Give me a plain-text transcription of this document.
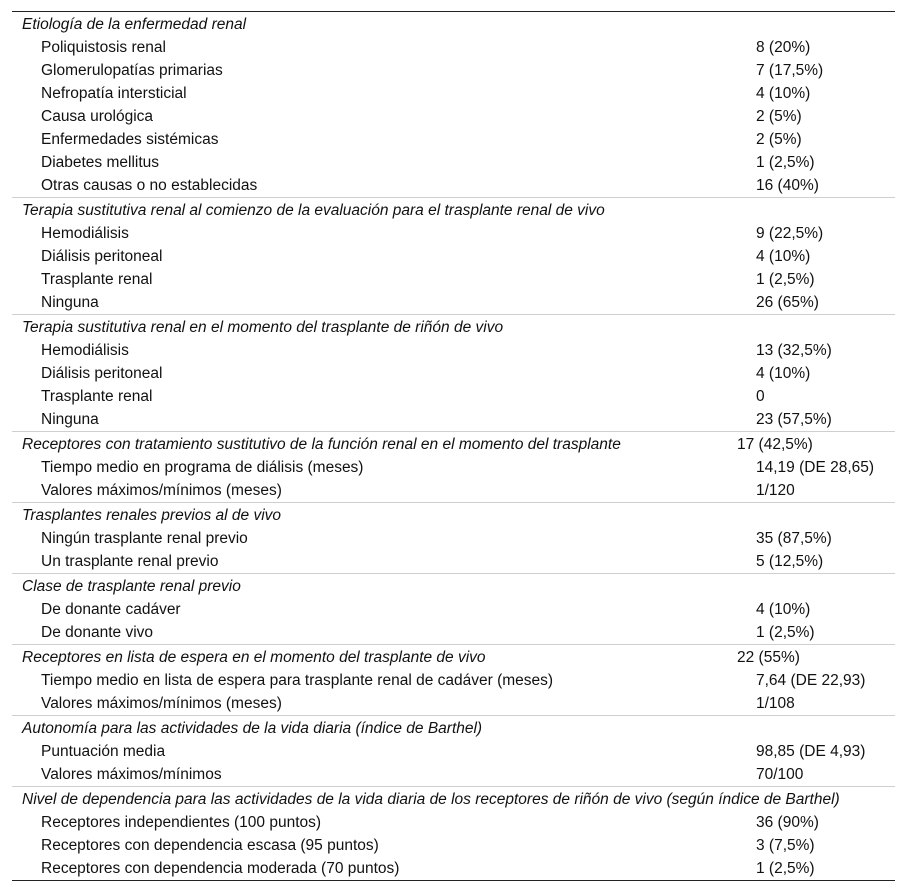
Etiología de la enfermedad renal
Poliquistosis renal	8 (20%)
Glomerulopatías primarias	7 (17,5%)
Nefropatía intersticial	4 (10%)
Causa urológica	2 (5%)
Enfermedades sistémicas	2 (5%)
Diabetes mellitus	1 (2,5%)
Otras causas o no establecidas	16 (40%)
Terapia sustitutiva renal al comienzo de la evaluación para el trasplante renal de vivo
Hemodiálisis	9 (22,5%)
Diálisis peritoneal	4 (10%)
Trasplante renal	1 (2,5%)
Ninguna	26 (65%)
Terapia sustitutiva renal en el momento del trasplante de riñón de vivo
Hemodiálisis	13 (32,5%)
Diálisis peritoneal	4 (10%)
Trasplante renal	0
Ninguna	23 (57,5%)
Receptores con tratamiento sustitutivo de la función renal en el momento del trasplante	17 (42,5%)
Tiempo medio en programa de diálisis (meses)	14,19 (DE 28,65)
Valores máximos/mínimos (meses)	1/120
Trasplantes renales previos al de vivo
Ningún trasplante renal previo	35 (87,5%)
Un trasplante renal previo	5 (12,5%)
Clase de trasplante renal previo
De donante cadáver	4 (10%)
De donante vivo	1 (2,5%)
Receptores en lista de espera en el momento del trasplante de vivo	22 (55%)
Tiempo medio en lista de espera para trasplante renal de cadáver (meses)	7,64 (DE 22,93)
Valores máximos/mínimos (meses)	1/108
Autonomía para las actividades de la vida diaria (índice de Barthel)
Puntuación media	98,85 (DE 4,93)
Valores máximos/mínimos	70/100
Nivel de dependencia para las actividades de la vida diaria de los receptores de riñón de vivo (según índice de Barthel)
Receptores independientes (100 puntos)	36 (90%)
Receptores con dependencia escasa (95 puntos)	3 (7,5%)
Receptores con dependencia moderada (70 puntos)	1 (2,5%)
